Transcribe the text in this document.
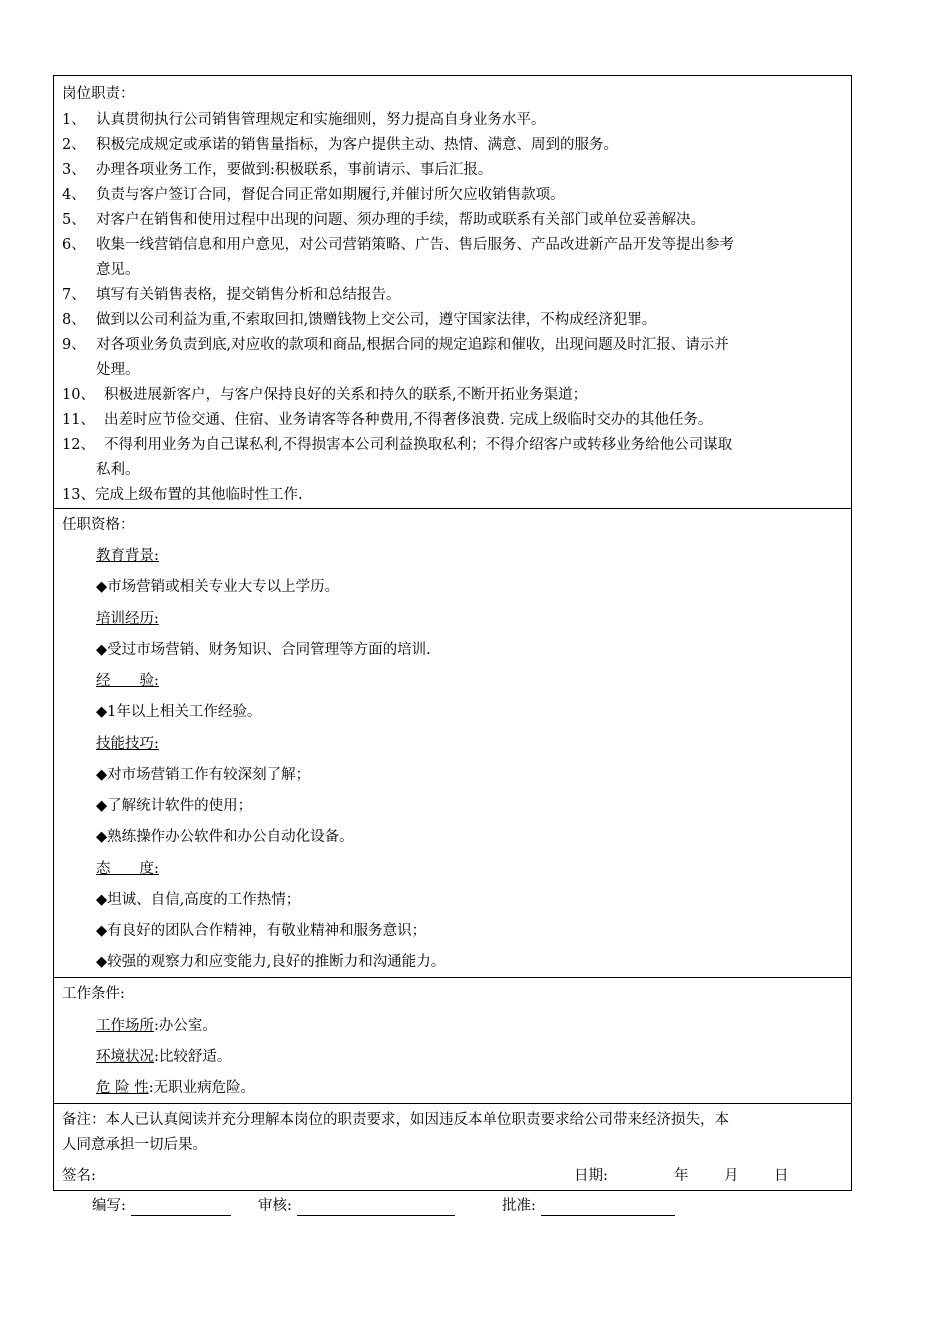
岗位职责：
1、 认真贯彻执行公司销售管理规定和实施细则，努力提高自身业务水平。
2、 积极完成规定或承诺的销售量指标，为客户提供主动、热情、满意、周到的服务。
3、 办理各项业务工作，要做到:积极联系，事前请示、事后汇报。
4、 负责与客户签订合同，督促合同正常如期履行,并催讨所欠应收销售款项。
5、 对客户在销售和使用过程中出现的问题、须办理的手续，帮助或联系有关部门或单位妥善解决。
6、 收集一线营销信息和用户意见，对公司营销策略、广告、售后服务、产品改进新产品开发等提出参考
意见。
7、 填写有关销售表格，提交销售分析和总结报告。
8、 做到以公司利益为重,不索取回扣,馈赠钱物上交公司，遵守国家法律，不构成经济犯罪。
9、 对各项业务负责到底,对应收的款项和商品,根据合同的规定追踪和催收，出现问题及时汇报、请示并
处理。
10、 积极进展新客户，与客户保持良好的关系和持久的联系,不断开拓业务渠道；
11、 出差时应节俭交通、住宿、业务请客等各种费用,不得奢侈浪费. 完成上级临时交办的其他任务。
12、 不得利用业务为自己谋私利,不得损害本公司利益换取私利；不得介绍客户或转移业务给他公司谋取
私利。
13、完成上级布置的其他临时性工作.
任职资格：
教育背景:
◆市场营销或相关专业大专以上学历。
培训经历:
◆受过市场营销、财务知识、合同管理等方面的培训.
经　　验:
◆1年以上相关工作经验。
技能技巧:
◆对市场营销工作有较深刻了解；
◆了解统计软件的使用；
◆熟练操作办公软件和办公自动化设备。
态　　度:
◆坦诚、自信,高度的工作热情；
◆有良好的团队合作精神，有敬业精神和服务意识；
◆较强的观察力和应变能力,良好的推断力和沟通能力。
工作条件:
工作场所:办公室。
环境状况:比较舒适。
危 险 性:无职业病危险。
备注：本人已认真阅读并充分理解本岗位的职责要求，如因违反本单位职责要求给公司带来经济损失，本
人同意承担一切后果。
签名:	日期:	年 月 日
编写:	审核:	批准:
